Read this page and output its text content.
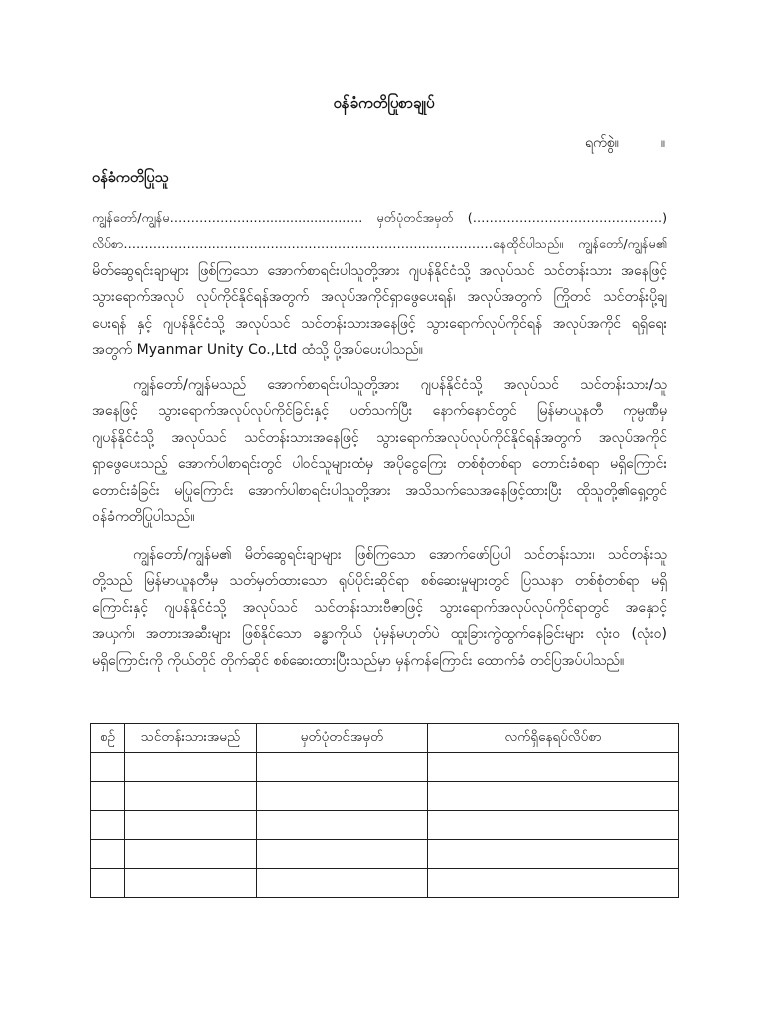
ဝန်ခံကတိပြုစာချုပ်
ရက်စွဲ။	။
ဝန်ခံကတိပြုသူ
ကျွန်တော်/ကျွန်မ………………..…........................ မှတ်ပုံတင်အမှတ် (………………………………………)
လိပ်စာ………………….…………………………….……………..……………နေထိုင်ပါသည်။ ကျွန်တော်/ကျွန်မ၏
မိတ်ဆွေရင်းချာများ ဖြစ်ကြသော အောက်စာရင်းပါသူတို့အား ဂျပန်နိုင်ငံသို့ အလုပ်သင် သင်တန်းသား အနေဖြင့်
သွားရောက်အလုပ် လုပ်ကိုင်နိုင်ရန်အတွက် အလုပ်အကိုင်ရှာဖွေပေးရန်၊ အလုပ်အတွက် ကြိုတင် သင်တန်းပို့ချ
ပေးရန် နှင့် ဂျပန်နိုင်ငံသို့ အလုပ်သင် သင်တန်းသားအနေဖြင့် သွားရောက်လုပ်ကိုင်ရန် အလုပ်အကိုင် ရရှိရေး
အတွက် Myanmar Unity Co.,Ltd ထံသို့ ပို့အပ်ပေးပါသည်။
ကျွန်တော်/ကျွန်မသည် အောက်စာရင်းပါသူတို့အား ဂျပန်နိုင်ငံသို့ အလုပ်သင် သင်တန်းသား/သူ
အနေဖြင့် သွားရောက်အလုပ်လုပ်ကိုင်ခြင်းနှင့် ပတ်သက်ပြီး နောက်နောင်တွင် မြန်မာယူနတီ ကုမ္ပဏီမှ
ဂျပန်နိုင်ငံသို့ အလုပ်သင် သင်တန်းသားအနေဖြင့် သွားရောက်အလုပ်လုပ်ကိုင်နိုင်ရန်အတွက် အလုပ်အကိုင်
ရှာဖွေပေးသည့် အောက်ပါစာရင်းတွင် ပါဝင်သူများထံမှ အပိုငွေကြေး တစ်စုံတစ်ရာ တောင်းခံစရာ မရှိကြောင်း
တောင်းခံခြင်း မပြုကြောင်း အောက်ပါစာရင်းပါသူတို့အား အသိသက်သေအနေဖြင့်ထားပြီး ထိုသူတို့၏ရှေ့တွင်
ဝန်ခံကတိပြုပါသည်။
ကျွန်တော်/ကျွန်မ၏ မိတ်ဆွေရင်းချာများ ဖြစ်ကြသော အောက်ဖော်ပြပါ သင်တန်းသား၊ သင်တန်းသူ
တို့သည် မြန်မာယူနတီမှ သတ်မှတ်ထားသော ရုပ်ပိုင်းဆိုင်ရာ စစ်ဆေးမှုများတွင် ပြဿနာ တစ်စုံတစ်ရာ မရှိ
ကြောင်းနှင့် ဂျပန်နိုင်ငံသို့ အလုပ်သင် သင်တန်းသားဗီဇာဖြင့် သွားရောက်အလုပ်လုပ်ကိုင်ရာတွင် အနှောင့်
အယှက်၊ အတားအဆီးများ ဖြစ်နိုင်သော ခန္ဓာကိုယ် ပုံမှန်မဟုတ်ပဲ ထူးခြားကွဲထွက်နေခြင်းများ လုံးဝ (လုံး၀)
မရှိကြောင်းကို ကိုယ်တိုင် တိုက်ဆိုင် စစ်ဆေးထားပြီးသည်မှာ မှန်ကန်ကြောင်း ထောက်ခံ တင်ပြအပ်ပါသည်။
စဥ်	သင်တန်းသားအမည်	မှတ်ပုံတင်အမှတ်	လက်ရှိနေရပ်လိပ်စာ
